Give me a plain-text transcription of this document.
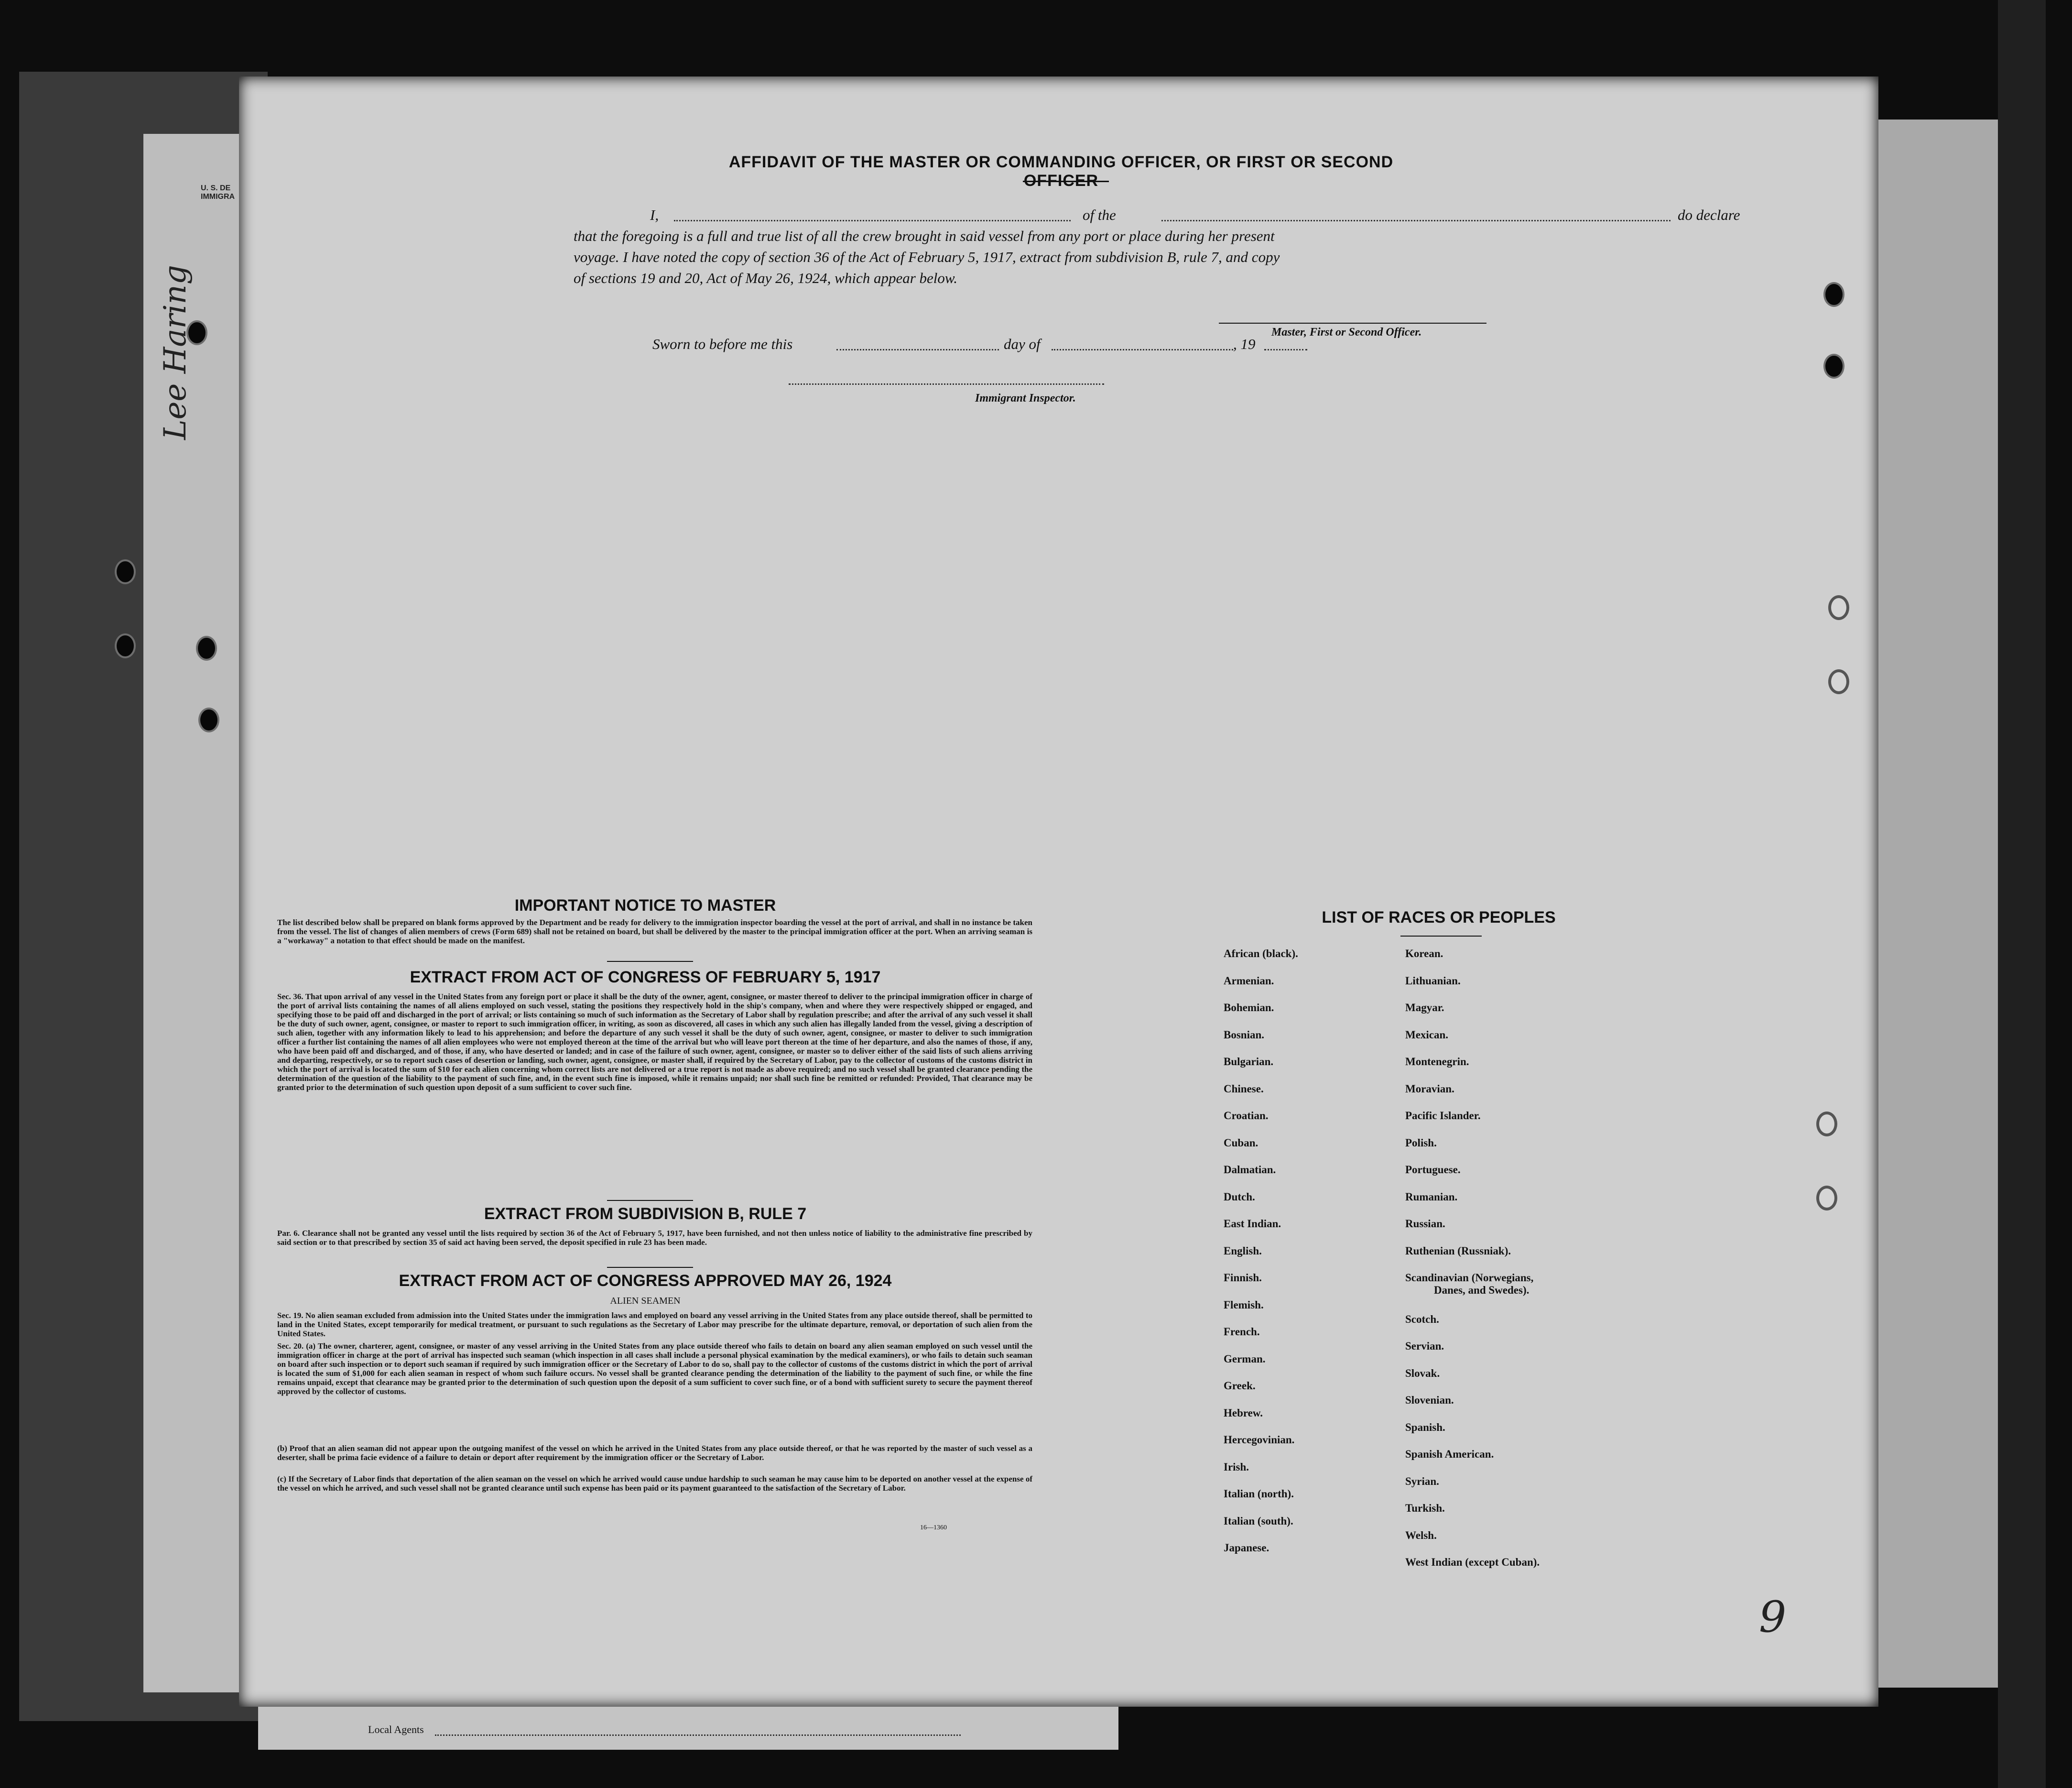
U. S. DE
IMMIGRA
Lee Haring
AFFIDAVIT OF THE MASTER OR COMMANDING OFFICER, OR FIRST OR SECOND OFFICER
I,	of the	do declare
that the foregoing is a full and true list of all the crew brought in said vessel from any port or place during her present
voyage. I have noted the copy of section 36 of the Act of February 5, 1917, extract from subdivision B, rule 7, and copy
of sections 19 and 20, Act of May 26, 1924, which appear below.
Master, First or Second Officer.
Sworn to before me this	day of	, 19
Immigrant Inspector.
IMPORTANT NOTICE TO MASTER
The list described below shall be prepared on blank forms approved by the Department and be ready for delivery to the immigration inspector boarding the vessel at the port of arrival, and shall in no instance be taken from the vessel. The list of changes of alien members of crews (Form 689) shall not be retained on board, but shall be delivered by the master to the principal immigration officer at the port. When an arriving seaman is a "workaway" a notation to that effect should be made on the manifest.
EXTRACT FROM ACT OF CONGRESS OF FEBRUARY 5, 1917
Sec. 36. That upon arrival of any vessel in the United States from any foreign port or place it shall be the duty of the owner, agent, consignee, or master thereof to deliver to the principal immigration officer in charge of the port of arrival lists containing the names of all aliens employed on such vessel, stating the positions they respectively hold in the ship's company, when and where they were respectively shipped or engaged, and specifying those to be paid off and discharged in the port of arrival; or lists containing so much of such information as the Secretary of Labor shall by regulation prescribe; and after the arrival of any such vessel it shall be the duty of such owner, agent, consignee, or master to report to such immigration officer, in writing, as soon as discovered, all cases in which any such alien has illegally landed from the vessel, giving a description of such alien, together with any information likely to lead to his apprehension; and before the departure of any such vessel it shall be the duty of such owner, agent, consignee, or master to deliver to such immigration officer a further list containing the names of all alien employees who were not employed thereon at the time of the arrival but who will leave port thereon at the time of her departure, and also the names of those, if any, who have been paid off and discharged, and of those, if any, who have deserted or landed; and in case of the failure of such owner, agent, consignee, or master so to deliver either of the said lists of such aliens arriving and departing, respectively, or so to report such cases of desertion or landing, such owner, agent, consignee, or master shall, if required by the Secretary of Labor, pay to the collector of customs of the customs district in which the port of arrival is located the sum of $10 for each alien concerning whom correct lists are not delivered or a true report is not made as above required; and no such vessel shall be granted clearance pending the determination of the question of the liability to the payment of such fine, and, in the event such fine is imposed, while it remains unpaid; nor shall such fine be remitted or refunded: Provided, That clearance may be granted prior to the determination of such question upon deposit of a sum sufficient to cover such fine.
EXTRACT FROM SUBDIVISION B, RULE 7
Par. 6. Clearance shall not be granted any vessel until the lists required by section 36 of the Act of February 5, 1917, have been furnished, and not then unless notice of liability to the administrative fine prescribed by said section or to that prescribed by section 35 of said act having been served, the deposit specified in rule 23 has been made.
EXTRACT FROM ACT OF CONGRESS APPROVED MAY 26, 1924
ALIEN SEAMEN
Sec. 19. No alien seaman excluded from admission into the United States under the immigration laws and employed on board any vessel arriving in the United States from any place outside thereof, shall be permitted to land in the United States, except temporarily for medical treatment, or pursuant to such regulations as the Secretary of Labor may prescribe for the ultimate departure, removal, or deportation of such alien from the United States.
Sec. 20. (a) The owner, charterer, agent, consignee, or master of any vessel arriving in the United States from any place outside thereof who fails to detain on board any alien seaman employed on such vessel until the immigration officer in charge at the port of arrival has inspected such seaman (which inspection in all cases shall include a personal physical examination by the medical examiners), or who fails to detain such seaman on board after such inspection or to deport such seaman if required by such immigration officer or the Secretary of Labor to do so, shall pay to the collector of customs of the customs district in which the port of arrival is located the sum of $1,000 for each alien seaman in respect of whom such failure occurs. No vessel shall be granted clearance pending the determination of the liability to the payment of such fine, or while the fine remains unpaid, except that clearance may be granted prior to the determination of such question upon the deposit of a sum sufficient to cover such fine, or of a bond with sufficient surety to secure the payment thereof approved by the collector of customs.
(b) Proof that an alien seaman did not appear upon the outgoing manifest of the vessel on which he arrived in the United States from any place outside thereof, or that he was reported by the master of such vessel as a deserter, shall be prima facie evidence of a failure to detain or deport after requirement by the immigration officer or the Secretary of Labor.
(c) If the Secretary of Labor finds that deportation of the alien seaman on the vessel on which he arrived would cause undue hardship to such seaman he may cause him to be deported on another vessel at the expense of the vessel on which he arrived, and such vessel shall not be granted clearance until such expense has been paid or its payment guaranteed to the satisfaction of the Secretary of Labor.
16—1360
LIST OF RACES OR PEOPLES
African (black).
Armenian.
Bohemian.
Bosnian.
Bulgarian.
Chinese.
Croatian.
Cuban.
Dalmatian.
Dutch.
East Indian.
English.
Finnish.
Flemish.
French.
German.
Greek.
Hebrew.
Hercegovinian.
Irish.
Italian (north).
Italian (south).
Japanese.
Korean.
Lithuanian.
Magyar.
Mexican.
Montenegrin.
Moravian.
Pacific Islander.
Polish.
Portuguese.
Rumanian.
Russian.
Ruthenian (Russniak).
Scandinavian (Norwegians,
Danes, and Swedes).
Scotch.
Servian.
Slovak.
Slovenian.
Spanish.
Spanish American.
Syrian.
Turkish.
Welsh.
West Indian (except Cuban).
9
Local Agents
